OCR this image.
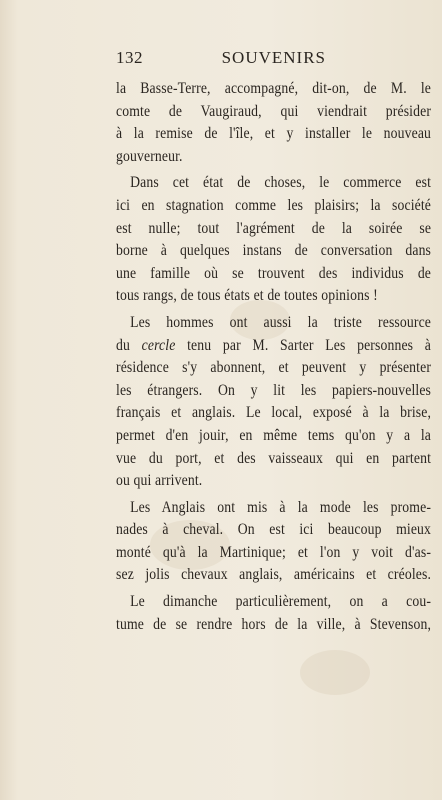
132	SOUVENIRS
la Basse-Terre, accompagné, dit-on, de M. le
comte de Vaugiraud, qui viendrait présider
à la remise de l'île, et y installer le nouveau
gouverneur.
Dans cet état de choses, le commerce est
ici en stagnation comme les plaisirs; la société
est nulle; tout l'agrément de la soirée se
borne à quelques instans de conversation dans
une famille où se trouvent des individus de
tous rangs, de tous états et de toutes opinions !
Les hommes ont aussi la triste ressource
du cercle tenu par M. Sarter Les personnes à
résidence s'y abonnent, et peuvent y présenter
les étrangers. On y lit les papiers-nouvelles
français et anglais. Le local, exposé à la brise,
permet d'en jouir, en même tems qu'on y a la
vue du port, et des vaisseaux qui en partent
ou qui arrivent.
Les Anglais ont mis à la mode les prome-
nades à cheval. On est ici beaucoup mieux
monté qu'à la Martinique; et l'on y voit d'as-
sez jolis chevaux anglais, américains et créoles.
Le dimanche particulièrement, on a cou-
tume de se rendre hors de la ville, à Stevenson,
